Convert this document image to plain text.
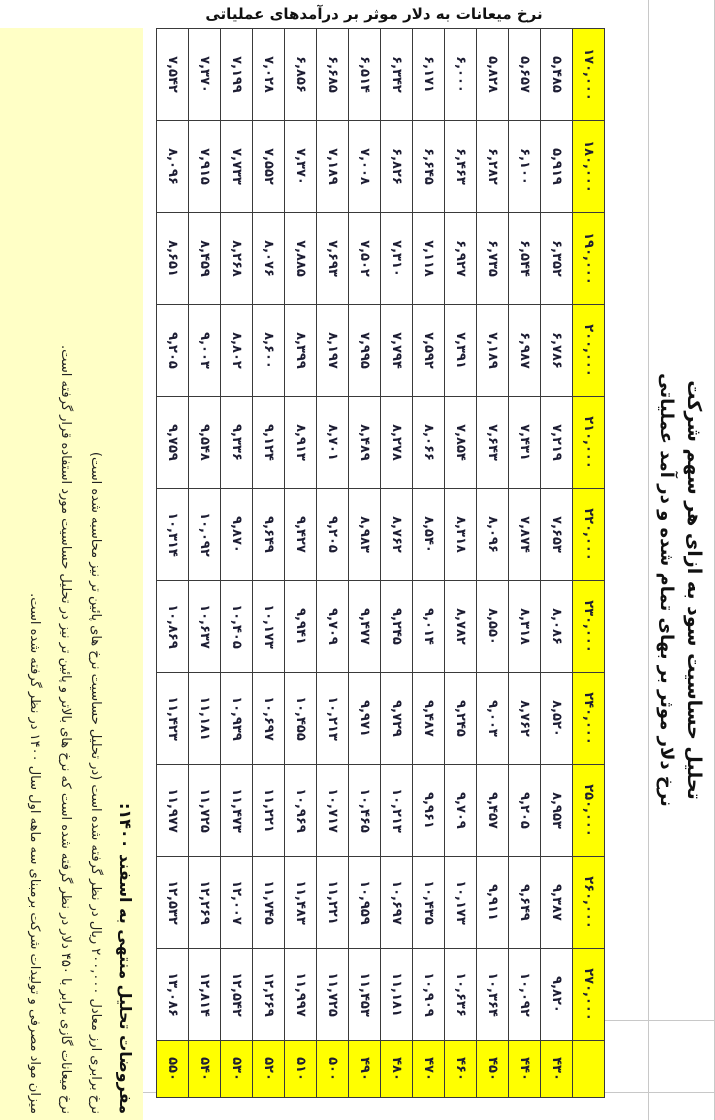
تحلیل حساسیت سود به ازای هر سهم شرکت
نرخ دلار موثر بر بهای تمام شده و در آمد عملیاتی
	۲۷۰,۰۰۰	۲۶۰,۰۰۰	۲۵۰,۰۰۰	۲۴۰,۰۰۰	۲۳۰,۰۰۰	۲۲۰,۰۰۰	۲۱۰,۰۰۰	۲۰۰,۰۰۰	۱۹۰,۰۰۰	۱۸۰,۰۰۰	۱۷۰,۰۰۰
۴۳۰	۹,۸۲۰	۹,۳۸۷	۸,۹۵۳	۸,۵۲۰	۸,۰۸۶	۷,۶۵۳	۷,۲۱۹	۶,۷۸۶	۶,۳۵۲	۵,۹۱۹	۵,۴۸۵
۴۴۰	۱۰,۰۹۲	۹,۶۴۹	۹,۲۰۵	۸,۷۶۲	۸,۳۱۸	۷,۸۷۴	۷,۴۳۱	۶,۹۸۷	۶,۵۴۴	۶,۱۰۰	۵,۶۵۷
۴۵۰	۱۰,۳۶۴	۹,۹۱۱	۹,۴۵۷	۹,۰۰۳	۸,۵۵۰	۸,۰۹۶	۷,۶۴۳	۷,۱۸۹	۶,۷۳۵	۶,۲۸۲	۵,۸۲۸
۴۶۰	۱۰,۶۳۶	۱۰,۱۷۳	۹,۷۰۹	۹,۲۴۵	۸,۷۸۲	۸,۳۱۸	۷,۸۵۴	۷,۳۹۱	۶,۹۲۷	۶,۴۶۳	۶,۰۰۰
۴۷۰	۱۰,۹۰۹	۱۰,۴۳۵	۹,۹۶۱	۹,۴۸۷	۹,۰۱۴	۸,۵۴۰	۸,۰۶۶	۷,۵۹۲	۷,۱۱۸	۶,۶۴۵	۶,۱۷۱
۴۸۰	۱۱,۱۸۱	۱۰,۶۹۷	۱۰,۲۱۳	۹,۷۲۹	۹,۲۴۵	۸,۷۶۲	۸,۲۷۸	۷,۷۹۴	۷,۳۱۰	۶,۸۲۶	۶,۳۴۲
۴۹۰	۱۱,۴۵۳	۱۰,۹۵۹	۱۰,۴۶۵	۹,۹۷۱	۹,۴۷۷	۸,۹۸۳	۸,۴۸۹	۷,۹۹۵	۷,۵۰۲	۷,۰۰۸	۶,۵۱۴
۵۰۰	۱۱,۷۲۵	۱۱,۲۲۱	۱۰,۷۱۷	۱۰,۲۱۳	۹,۷۰۹	۹,۲۰۵	۸,۷۰۱	۸,۱۹۷	۷,۶۹۳	۷,۱۸۹	۶,۶۸۵
۵۱۰	۱۱,۹۹۷	۱۱,۴۸۳	۱۰,۹۶۹	۱۰,۴۵۵	۹,۹۴۱	۹,۴۲۷	۸,۹۱۳	۸,۳۹۹	۷,۸۸۵	۷,۳۷۰	۶,۸۵۶
۵۲۰	۱۲,۲۶۹	۱۱,۷۴۵	۱۱,۲۲۱	۱۰,۶۹۷	۱۰,۱۷۳	۹,۶۴۹	۹,۱۲۴	۸,۶۰۰	۸,۰۷۶	۷,۵۵۲	۷,۰۲۸
۵۳۰	۱۲,۵۴۲	۱۲,۰۰۷	۱۱,۴۷۳	۱۰,۹۳۹	۱۰,۴۰۵	۹,۸۷۰	۹,۳۳۶	۸,۸۰۲	۸,۲۶۸	۷,۷۳۳	۷,۱۹۹
۵۴۰	۱۲,۸۱۴	۱۲,۲۶۹	۱۱,۷۲۵	۱۱,۱۸۱	۱۰,۶۳۷	۱۰,۰۹۲	۹,۵۴۸	۹,۰۰۳	۸,۴۵۹	۷,۹۱۵	۷,۳۷۰
۵۵۰	۱۳,۰۸۶	۱۲,۵۳۲	۱۱,۹۷۷	۱۱,۴۲۳	۱۰,۸۶۹	۱۰,۳۱۴	۹,۷۵۹	۹,۲۰۵	۸,۶۵۱	۸,۰۹۶	۷,۵۴۲
نرخ میعانات به دلار موثر بر درآمدهای عملیاتی
مفروضات تحلیل منتهی به اسفند ۱۴۰۰:
نرخ برابری ارز معادل ۲۰۰,۰۰۰ ریال در نظر گرفته شده است (در تحلیل حساسیت نرخ های پائین تر نیز محاسبه شده است)
نرخ میعانات گازی برابر با ۴۵۰ دلار در نظر گرفته شده است که نرخ های بالاتر و پائین تر نیز در تحلیل حساسیت مورد استفاده قرار گرفته است.
میزان مواد مصرفی و تولیدات شرکت برمبنای سه ماهه اول سال ۱۴۰۰ در نظر گرفته شده است.
